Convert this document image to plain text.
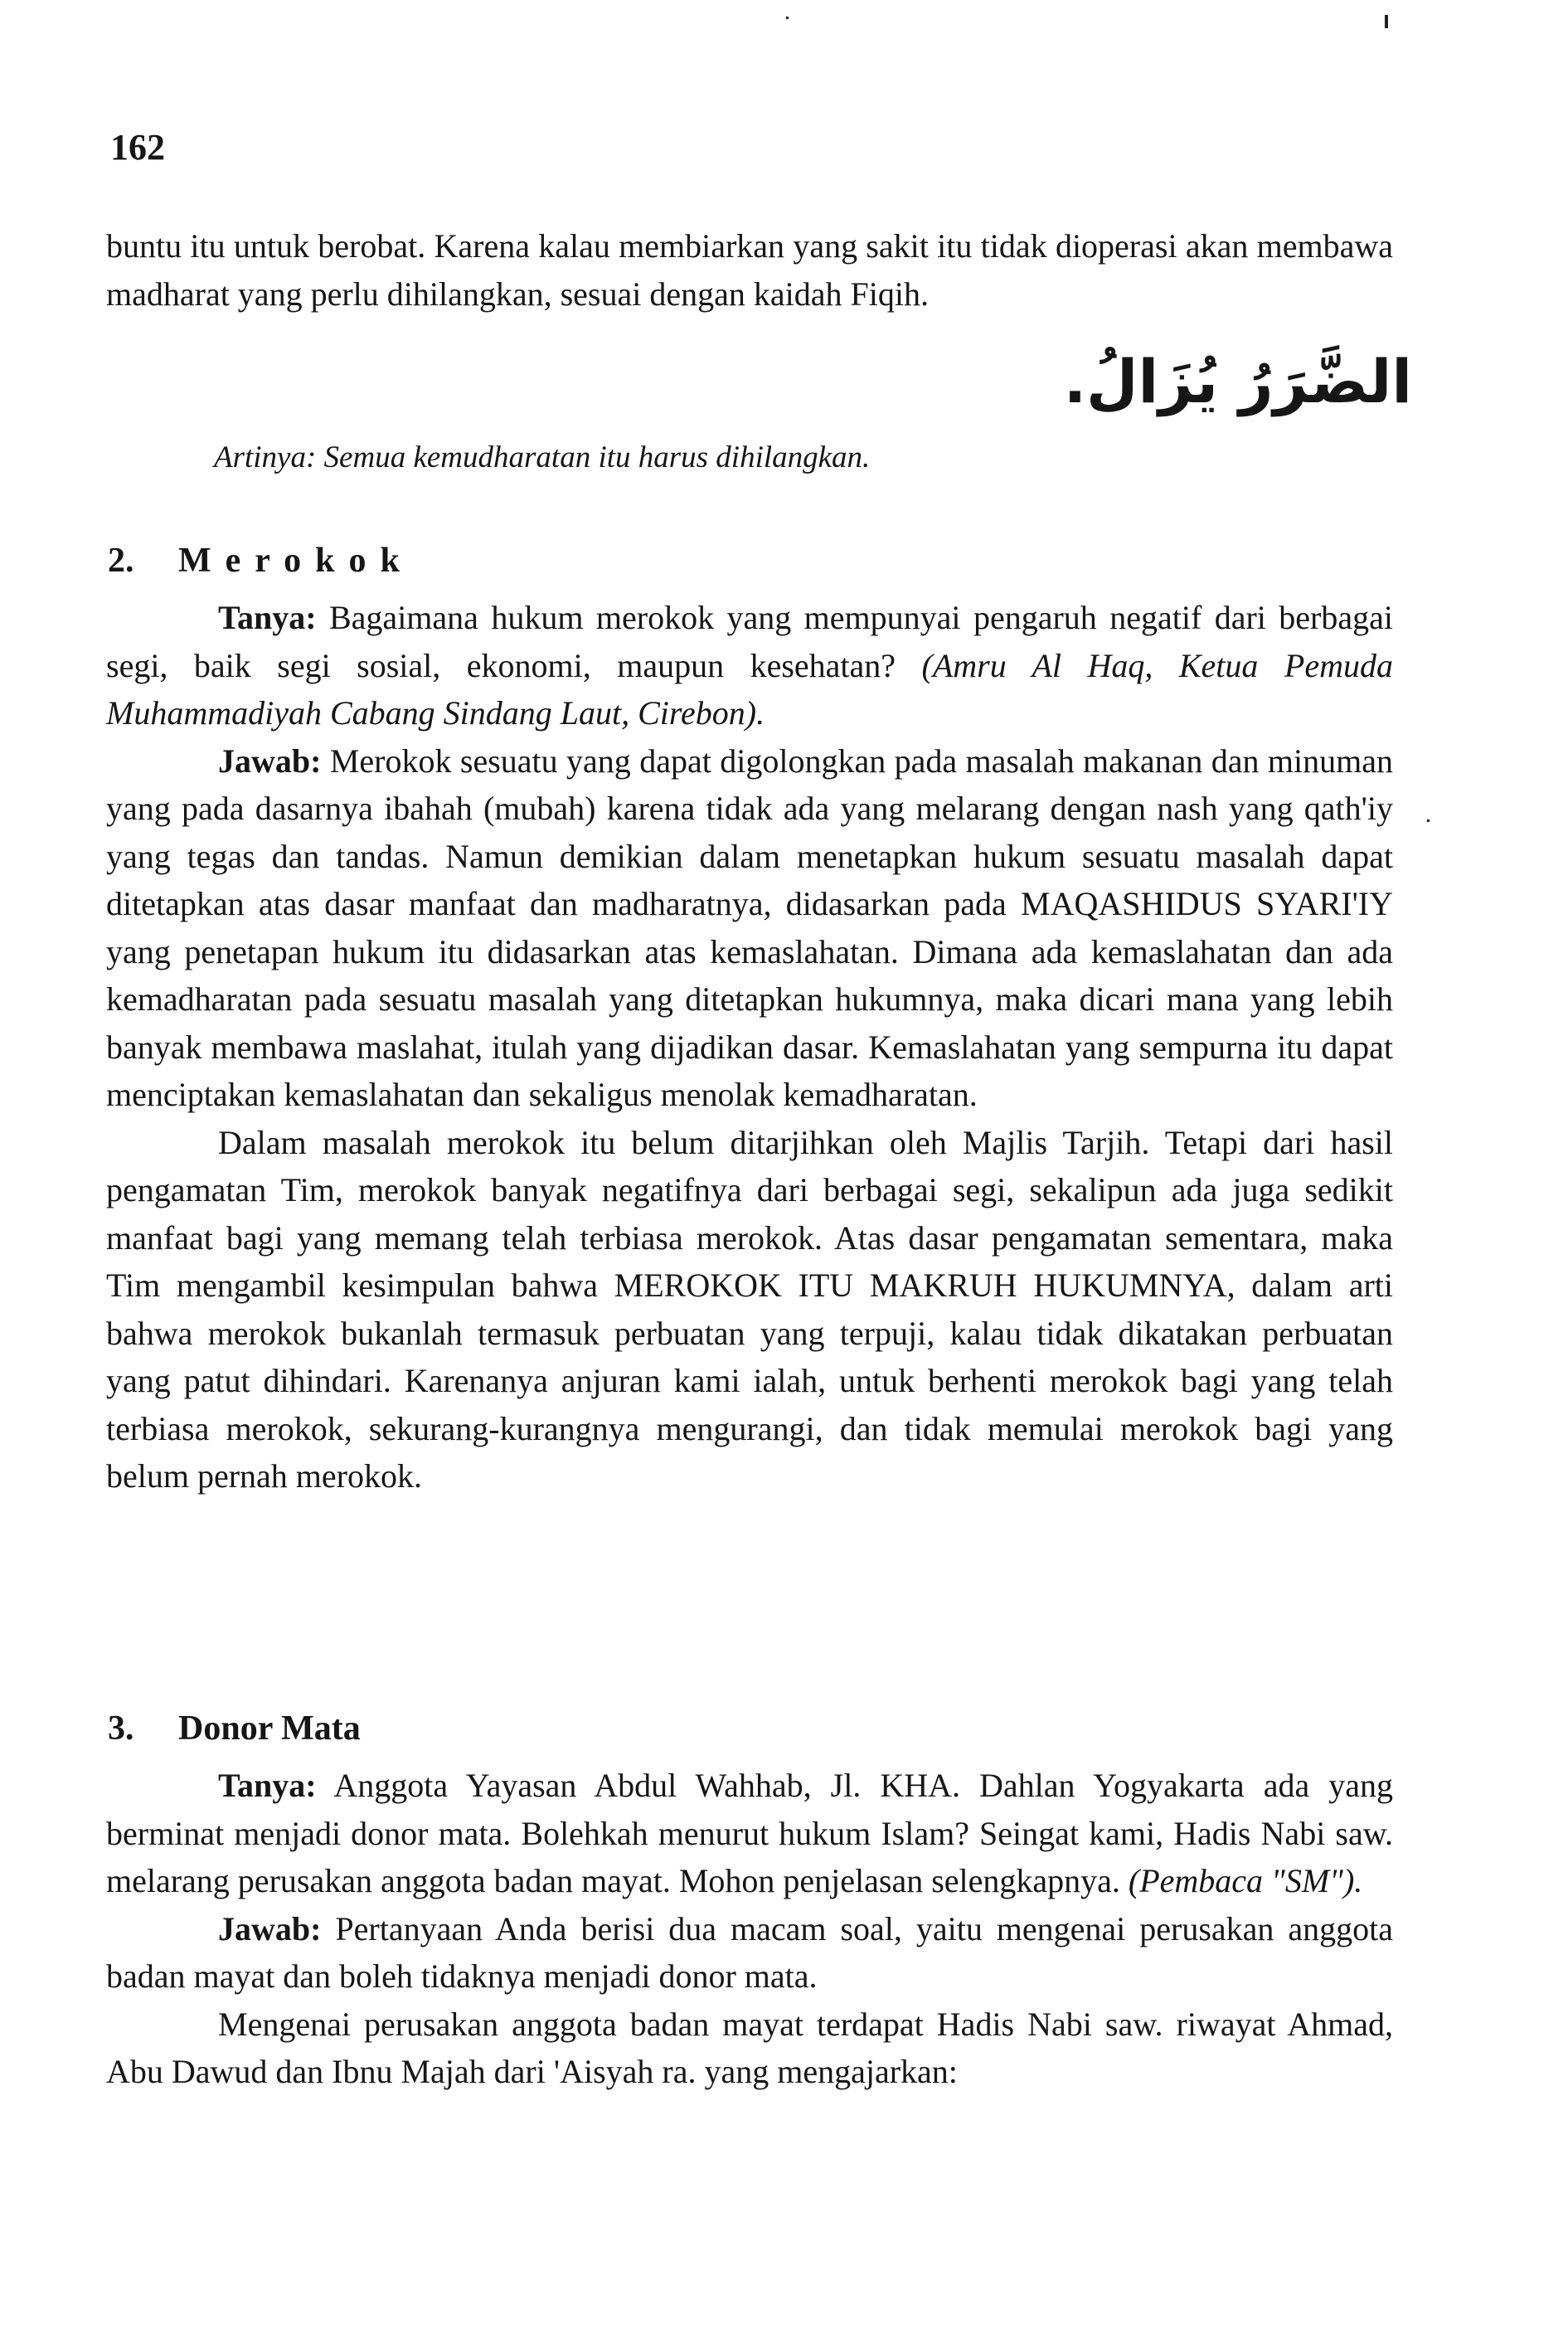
162

buntu itu untuk berobat. Karena kalau membiarkan yang sakit itu tidak dioperasi akan membawa madharat yang perlu dihilangkan, sesuai dengan kaidah Fiqih.

الضَّرَرُ يُزَالُ.

Artinya: Semua kemudharatan itu harus dihilangkan.

2. Merokok

Tanya: Bagaimana hukum merokok yang mempunyai pengaruh negatif dari berbagai segi, baik segi sosial, ekonomi, maupun kesehatan? (Amru Al Haq, Ketua Pemuda Muhammadiyah Cabang Sindang Laut, Cirebon).

Jawab: Merokok sesuatu yang dapat digolongkan pada masalah makanan dan minuman yang pada dasarnya ibahah (mubah) karena tidak ada yang melarang dengan nash yang qath'iy yang tegas dan tandas. Namun demikian dalam menetapkan hukum sesuatu masalah dapat ditetapkan atas dasar manfaat dan madharatnya, didasarkan pada MAQASHIDUS SYARI'IY yang penetapan hukum itu didasarkan atas kemaslahatan. Dimana ada kemaslahatan dan ada kemadharatan pada sesuatu masalah yang ditetapkan hukumnya, maka dicari mana yang lebih banyak membawa maslahat, itulah yang dijadikan dasar. Kemaslahatan yang sempurna itu dapat menciptakan kemaslahatan dan sekaligus menolak kemadharatan.

Dalam masalah merokok itu belum ditarjihkan oleh Majlis Tarjih. Tetapi dari hasil pengamatan Tim, merokok banyak negatifnya dari berbagai segi, sekalipun ada juga sedikit manfaat bagi yang memang telah terbiasa merokok. Atas dasar pengamatan sementara, maka Tim mengambil kesimpulan bahwa MEROKOK ITU MAKRUH HUKUMNYA, dalam arti bahwa merokok bukanlah termasuk perbuatan yang terpuji, kalau tidak dikatakan perbuatan yang patut dihindari. Karenanya anjuran kami ialah, untuk berhenti merokok bagi yang telah terbiasa merokok, sekurang-kurangnya mengurangi, dan tidak memulai merokok bagi yang belum pernah merokok.

3. Donor Mata

Tanya: Anggota Yayasan Abdul Wahhab, Jl. KHA. Dahlan Yogyakarta ada yang berminat menjadi donor mata. Bolehkah menurut hukum Islam? Seingat kami, Hadis Nabi saw. melarang perusakan anggota badan mayat. Mohon penjelasan selengkapnya. (Pembaca "SM").

Jawab: Pertanyaan Anda berisi dua macam soal, yaitu mengenai perusakan anggota badan mayat dan boleh tidaknya menjadi donor mata.

Mengenai perusakan anggota badan mayat terdapat Hadis Nabi saw. riwayat Ahmad, Abu Dawud dan Ibnu Majah dari 'Aisyah ra. yang mengajarkan:
